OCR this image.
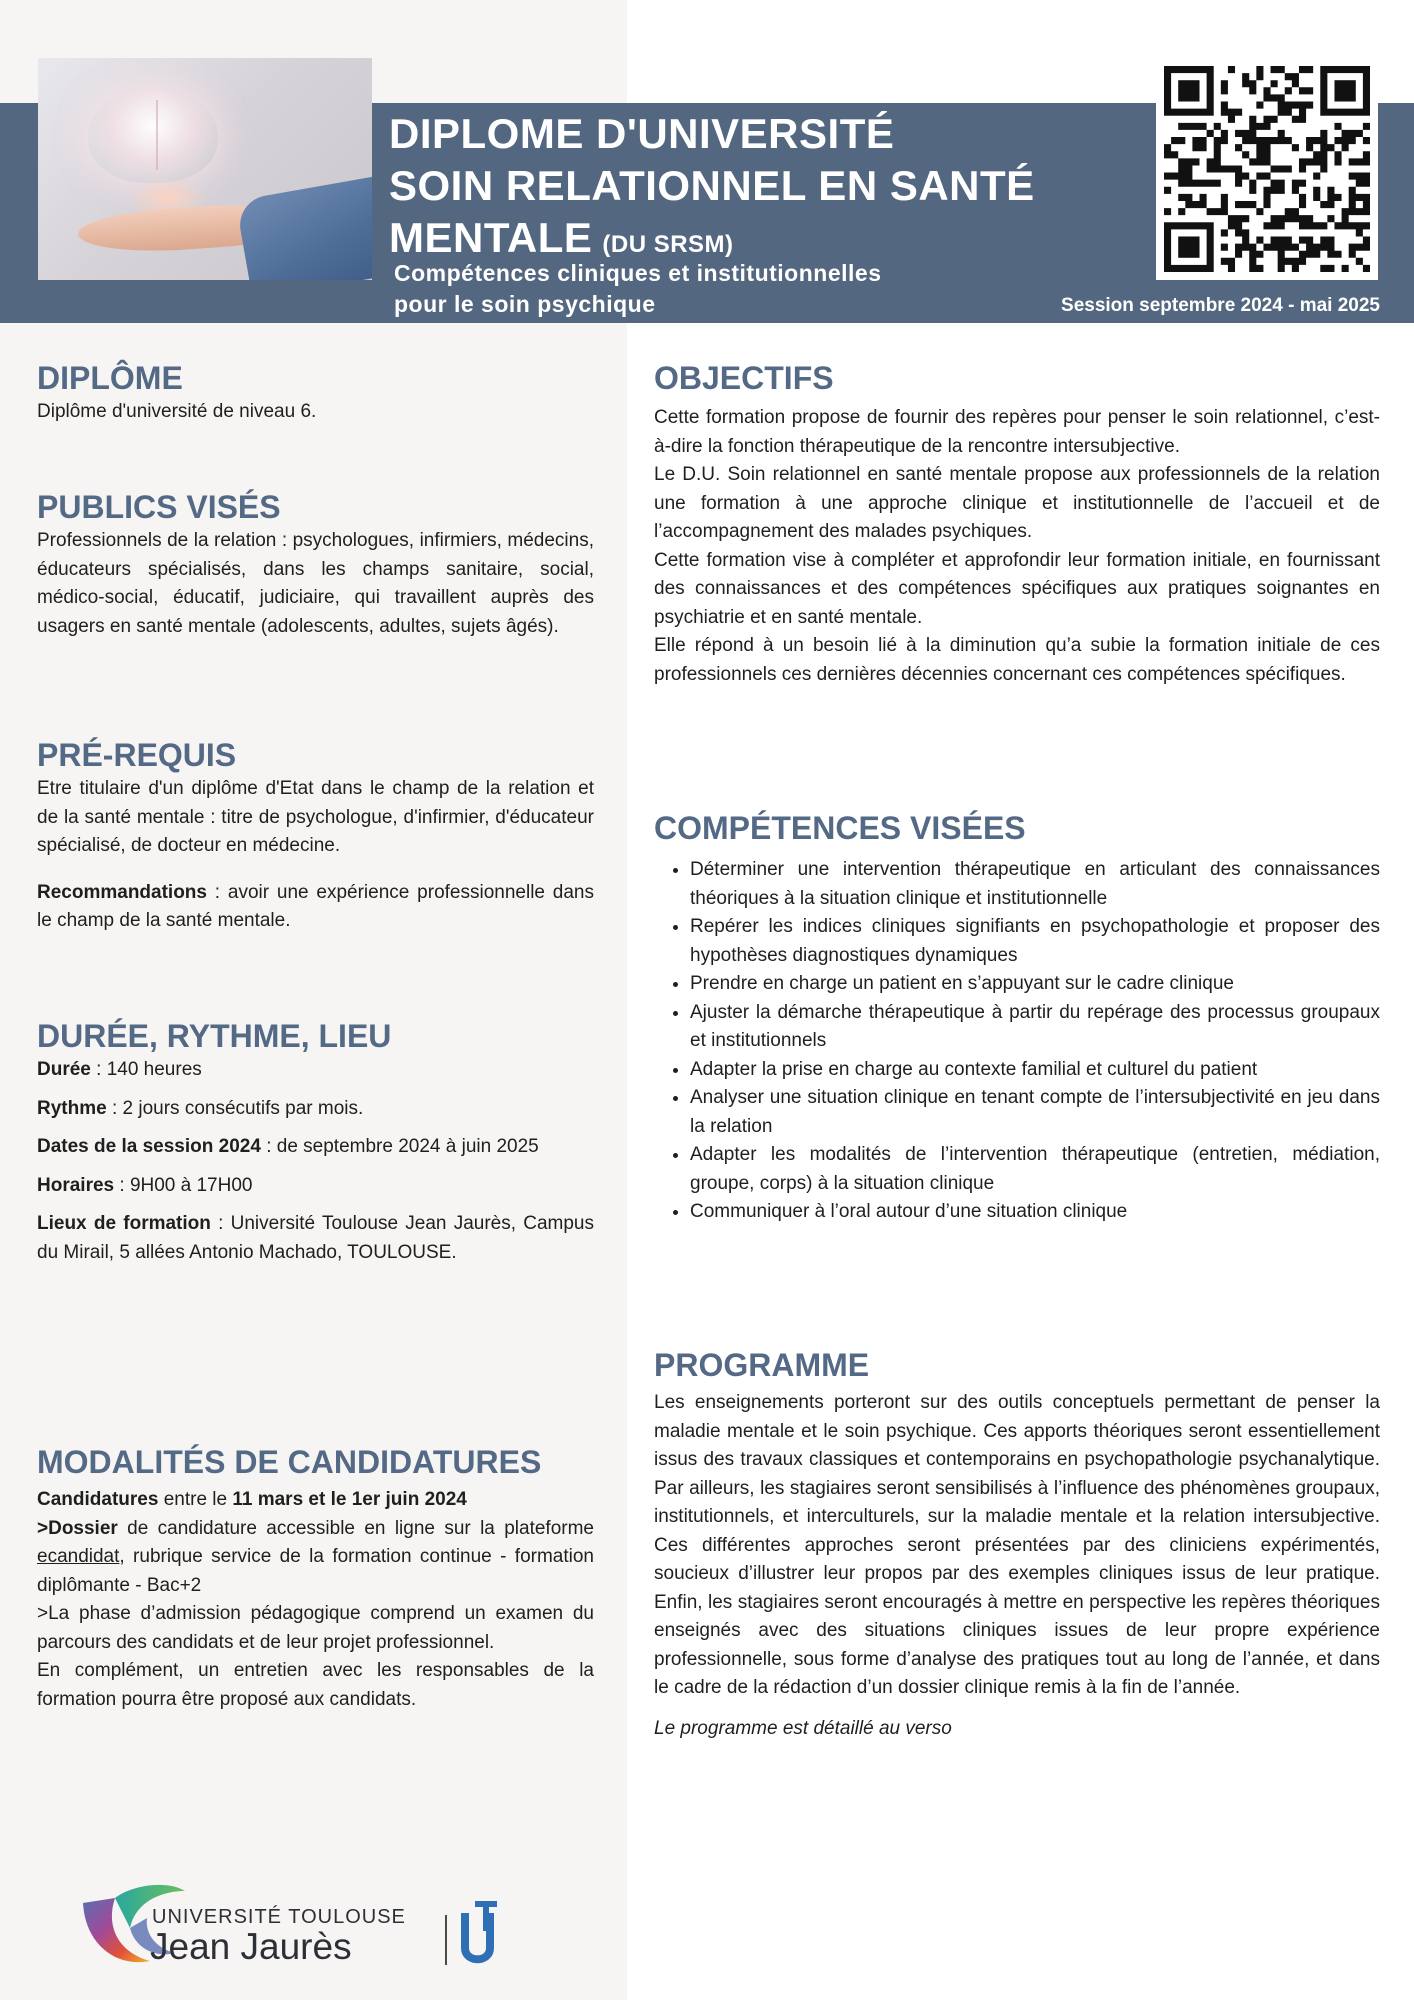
DIPLOME D'UNIVERSITÉ
SOIN RELATIONNEL EN SANTÉ
MENTALE (DU SRSM)
Compétences cliniques et institutionnelles
pour le soin psychique	Session septembre 2024 - mai 2025
DIPLÔME

Diplôme d'université de niveau 6.

PUBLICS VISÉS

Professionnels de la relation : psychologues, infirmiers, médecins, éducateurs spécialisés, dans les champs sanitaire, social, médico-social, éducatif, judiciaire, qui travaillent auprès des usagers en santé mentale (adolescents, adultes, sujets âgés).

PRÉ-REQUIS

Etre titulaire d'un diplôme d'Etat dans le champ de la relation et de la santé mentale : titre de psychologue, d'infirmier, d'éducateur spécialisé, de docteur en médecine.

Recommandations : avoir une expérience professionnelle dans le champ de la santé mentale.

DURÉE, RYTHME, LIEU

Durée : 140 heures

Rythme : 2 jours consécutifs par mois.

Dates de la session 2024 : de septembre 2024 à juin 2025

Horaires : 9H00 à 17H00

Lieux de formation : Université Toulouse Jean Jaurès, Campus du Mirail, 5 allées Antonio Machado, TOULOUSE.

MODALITÉS DE CANDIDATURES

Candidatures entre le 11 mars et le 1er juin 2024

>Dossier de candidature accessible en ligne sur la plateforme ecandidat, rubrique service de la formation continue - formation diplômante - Bac+2

>La phase d’admission pédagogique comprend un examen du parcours des candidats et de leur projet professionnel.

En complément, un entretien avec les responsables de la formation pourra être proposé aux candidats.

OBJECTIFS

Cette formation propose de fournir des repères pour penser le soin relationnel, c’est-à-dire la fonction thérapeutique de la rencontre intersubjective.

Le D.U. Soin relationnel en santé mentale propose aux professionnels de la relation une formation à une approche clinique et institutionnelle de l’accueil et de l’accompagnement des malades psychiques.

Cette formation vise à compléter et approfondir leur formation initiale, en fournissant des connaissances et des compétences spécifiques aux pratiques soignantes en psychiatrie et en santé mentale.

Elle répond à un besoin lié à la diminution qu’a subie la formation initiale de ces professionnels ces dernières décennies concernant ces compétences spécifiques.

COMPÉTENCES VISÉES
• Déterminer une intervention thérapeutique en articulant des connaissances théoriques à la situation clinique et institutionnelle
• Repérer les indices cliniques signifiants en psychopathologie et proposer des hypothèses diagnostiques dynamiques
• Prendre en charge un patient en s’appuyant sur le cadre clinique
• Ajuster la démarche thérapeutique à partir du repérage des processus groupaux et institutionnels
• Adapter la prise en charge au contexte familial et culturel du patient
• Analyser une situation clinique en tenant compte de l’intersubjectivité en jeu dans la relation
• Adapter les modalités de l’intervention thérapeutique (entretien, médiation, groupe, corps) à la situation clinique
• Communiquer à l’oral autour d’une situation clinique
PROGRAMME

Les enseignements porteront sur des outils conceptuels permettant de penser la maladie mentale et le soin psychique. Ces apports théoriques seront essentiellement issus des travaux classiques et contemporains en psychopathologie psychanalytique. Par ailleurs, les stagiaires seront sensibilisés à l’influence des phénomènes groupaux, institutionnels, et interculturels, sur la maladie mentale et la relation intersubjective. Ces différentes approches seront présentées par des cliniciens expérimentés, soucieux d’illustrer leur propos par des exemples cliniques issus de leur pratique. Enfin, les stagiaires seront encouragés à mettre en perspective les repères théoriques enseignés avec des situations cliniques issues de leur propre expérience professionnelle, sous forme d’analyse des pratiques tout au long de l’année, et dans le cadre de la rédaction d’un dossier clinique remis à la fin de l’année.

Le programme est détaillé au verso

UNIVERSITÉ TOULOUSE
Jean Jaurès
